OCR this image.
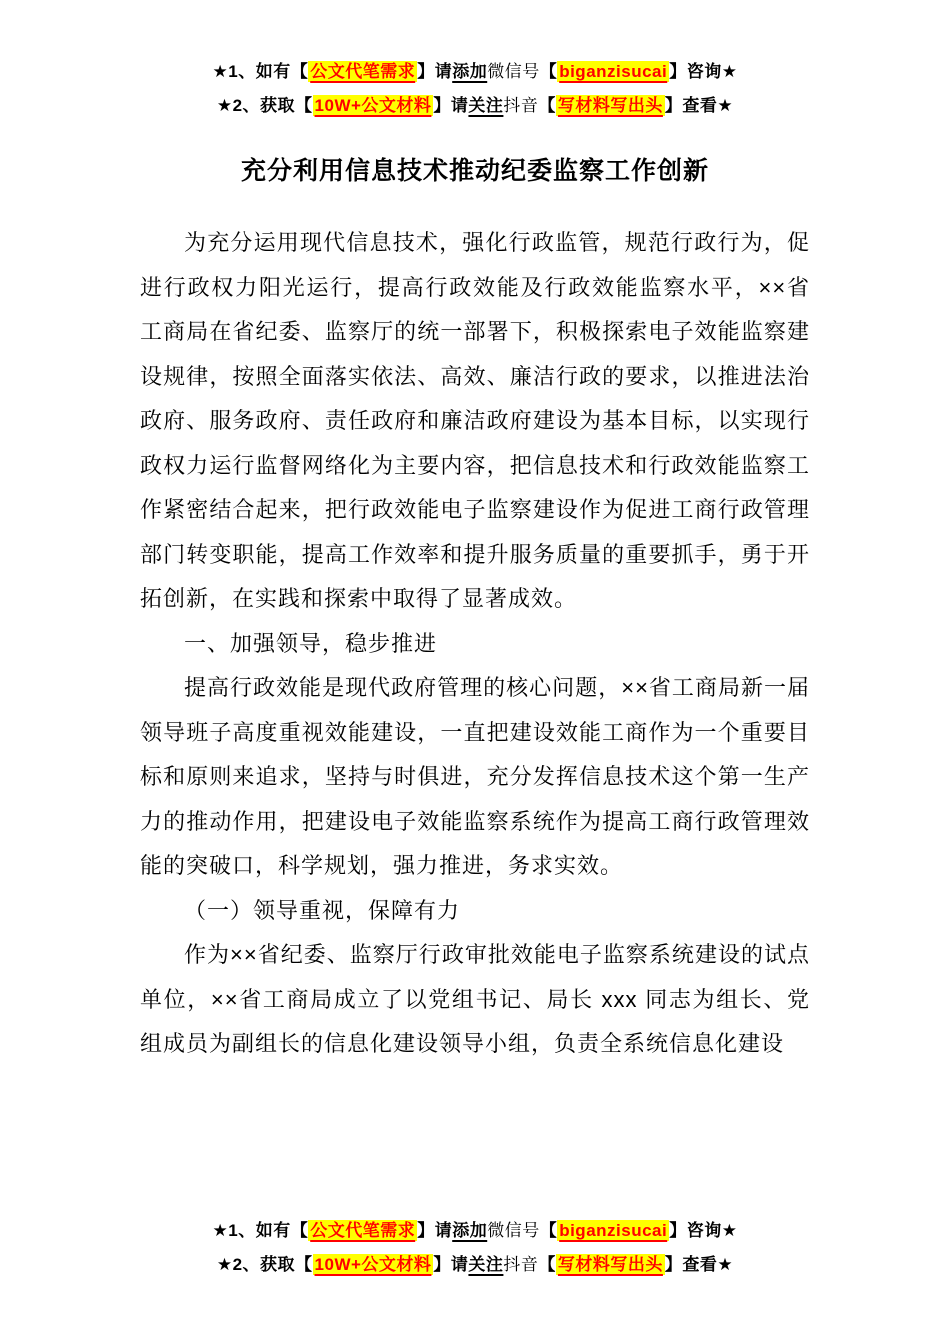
★1、如有【 公文代笔需求 】请添加微信号【 biganzisucai 】咨询★
★2、获取【 10W+公文材料 】请关注抖音【 写材料写出头 】查看★
充分利用信息技术推动纪委监察工作创新

为充分运用现代信息技术，强化行政监管，规范行政行为，促进行政权力阳光运行，提高行政效能及行政效能监察水平，××省工商局在省纪委、监察厅的统一部署下，积极探索电子效能监察建设规律，按照全面落实依法、高效、廉洁行政的要求，以推进法治政府、服务政府、责任政府和廉洁政府建设为基本目标，以实现行政权力运行监督网络化为主要内容，把信息技术和行政效能监察工作紧密结合起来，把行政效能电子监察建设作为促进工商行政管理部门转变职能，提高工作效率和提升服务质量的重要抓手，勇于开拓创新，在实践和探索中取得了显著成效。

一、加强领导，稳步推进

提高行政效能是现代政府管理的核心问题，××省工商局新一届领导班子高度重视效能建设，一直把建设效能工商作为一个重要目标和原则来追求，坚持与时俱进，充分发挥信息技术这个第一生产力的推动作用，把建设电子效能监察系统作为提高工商行政管理效能的突破口，科学规划，强力推进，务求实效。

（一）领导重视，保障有力

作为××省纪委、监察厅行政审批效能电子监察系统建设的试点单位，××省工商局成立了以党组书记、局长 xxx 同志为组长、党组成员为副组长的信息化建设领导小组，负责全系统信息化建设

★1、如有【 公文代笔需求 】请添加微信号【 biganzisucai 】咨询★
★2、获取【 10W+公文材料 】请关注抖音【 写材料写出头 】查看★
